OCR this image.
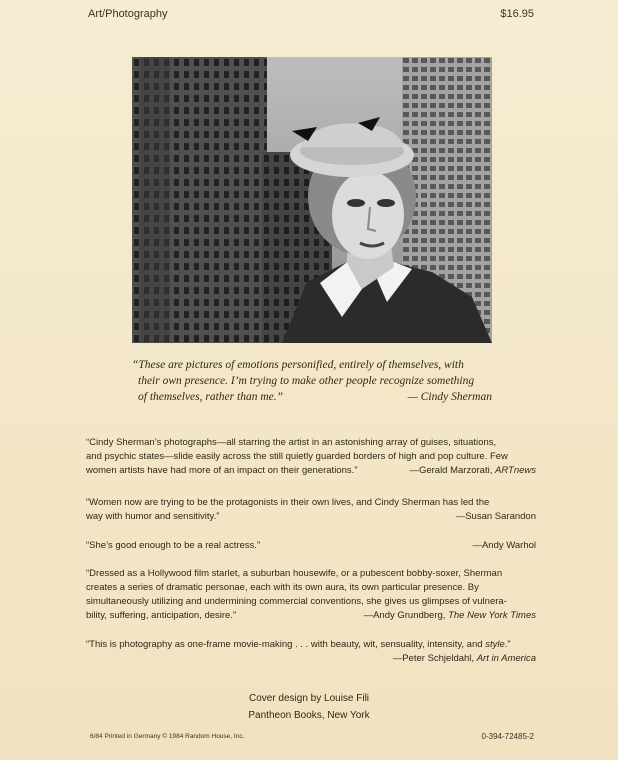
Art/Photography	$16.95
“These are pictures of emotions personified, entirely of themselves, with
their own presence. I’m trying to make other people recognize something
of themselves, rather than me.”	— Cindy Sherman
“Cindy Sherman’s photographs—all starring the artist in an astonishing array of guises, situations,
and psychic states—slide easily across the still quietly guarded borders of high and pop culture. Few
women artists have had more of an impact on their generations.”	—Gerald Marzorati, ARTnews
“Women now are trying to be the protagonists in their own lives, and Cindy Sherman has led the
way with humor and sensitivity.”	—Susan Sarandon
“She’s good enough to be a real actress.”	—Andy Warhol
“Dressed as a Hollywood film starlet, a suburban housewife, or a pubescent bobby-soxer, Sherman
creates a series of dramatic personae, each with its own aura, its own particular presence. By
simultaneously utilizing and undermining commercial conventions, she gives us glimpses of vulnera-
bility, suffering, anticipation, desire.”	—Andy Grundberg, The New York Times
“This is photography as one-frame movie-making . . . with beauty, wit, sensuality, intensity, and style.”
—Peter Schjeldahl, Art in America
Cover design by Louise Fili
Pantheon Books, New York
6/84 Printed in Germany © 1984 Random House, Inc.	0-394-72485-2
